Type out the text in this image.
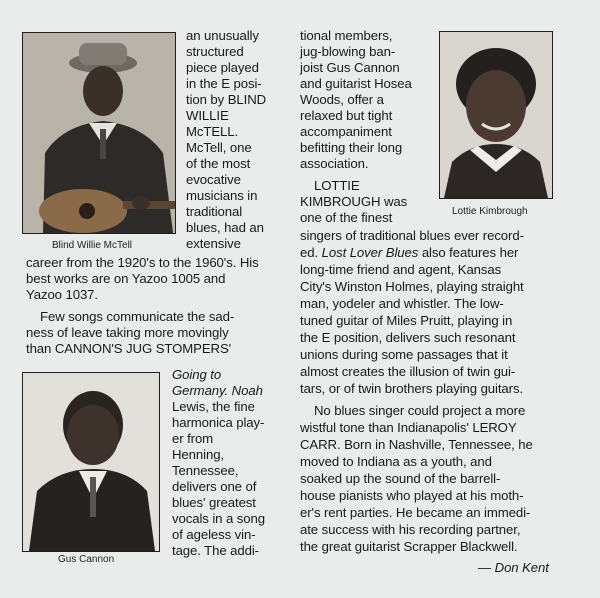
Blind Willie McTell
Lottie Kimbrough
Gus Cannon
an unusually
structured
piece played
in the E posi-
tion by BLIND
WILLIE
McTELL.
McTell, one
of the most
evocative
musicians in
traditional
blues, had an
extensive
career from the 1920's to the 1960's. His
best works are on Yazoo 1005 and
Yazoo 1037.
Few songs communicate the sad-
ness of leave taking more movingly
than CANNON'S JUG STOMPERS'
Going to
Germany. Noah
Lewis, the fine
harmonica play-
er from
Henning,
Tennessee,
delivers one of
blues' greatest
vocals in a song
of ageless vin-
tage. The addi-
tional members,
jug-blowing ban-
joist Gus Cannon
and guitarist Hosea
Woods, offer a
relaxed but tight
accompaniment
befitting their long
association.
LOTTIE
KIMBROUGH was
one of the finest
singers of traditional blues ever record-
ed. Lost Lover Blues also features her
long-time friend and agent, Kansas
City's Winston Holmes, playing straight
man, yodeler and whistler. The low-
tuned guitar of Miles Pruitt, playing in
the E position, delivers such resonant
unions during some passages that it
almost creates the illusion of twin gui-
tars, or of twin brothers playing guitars.
No blues singer could project a more
wistful tone than Indianapolis' LEROY
CARR. Born in Nashville, Tennessee, he
moved to Indiana as a youth, and
soaked up the sound of the barrell-
house pianists who played at his moth-
er's rent parties. He became an immedi-
ate success with his recording partner,
the great guitarist Scrapper Blackwell.
— Don Kent
